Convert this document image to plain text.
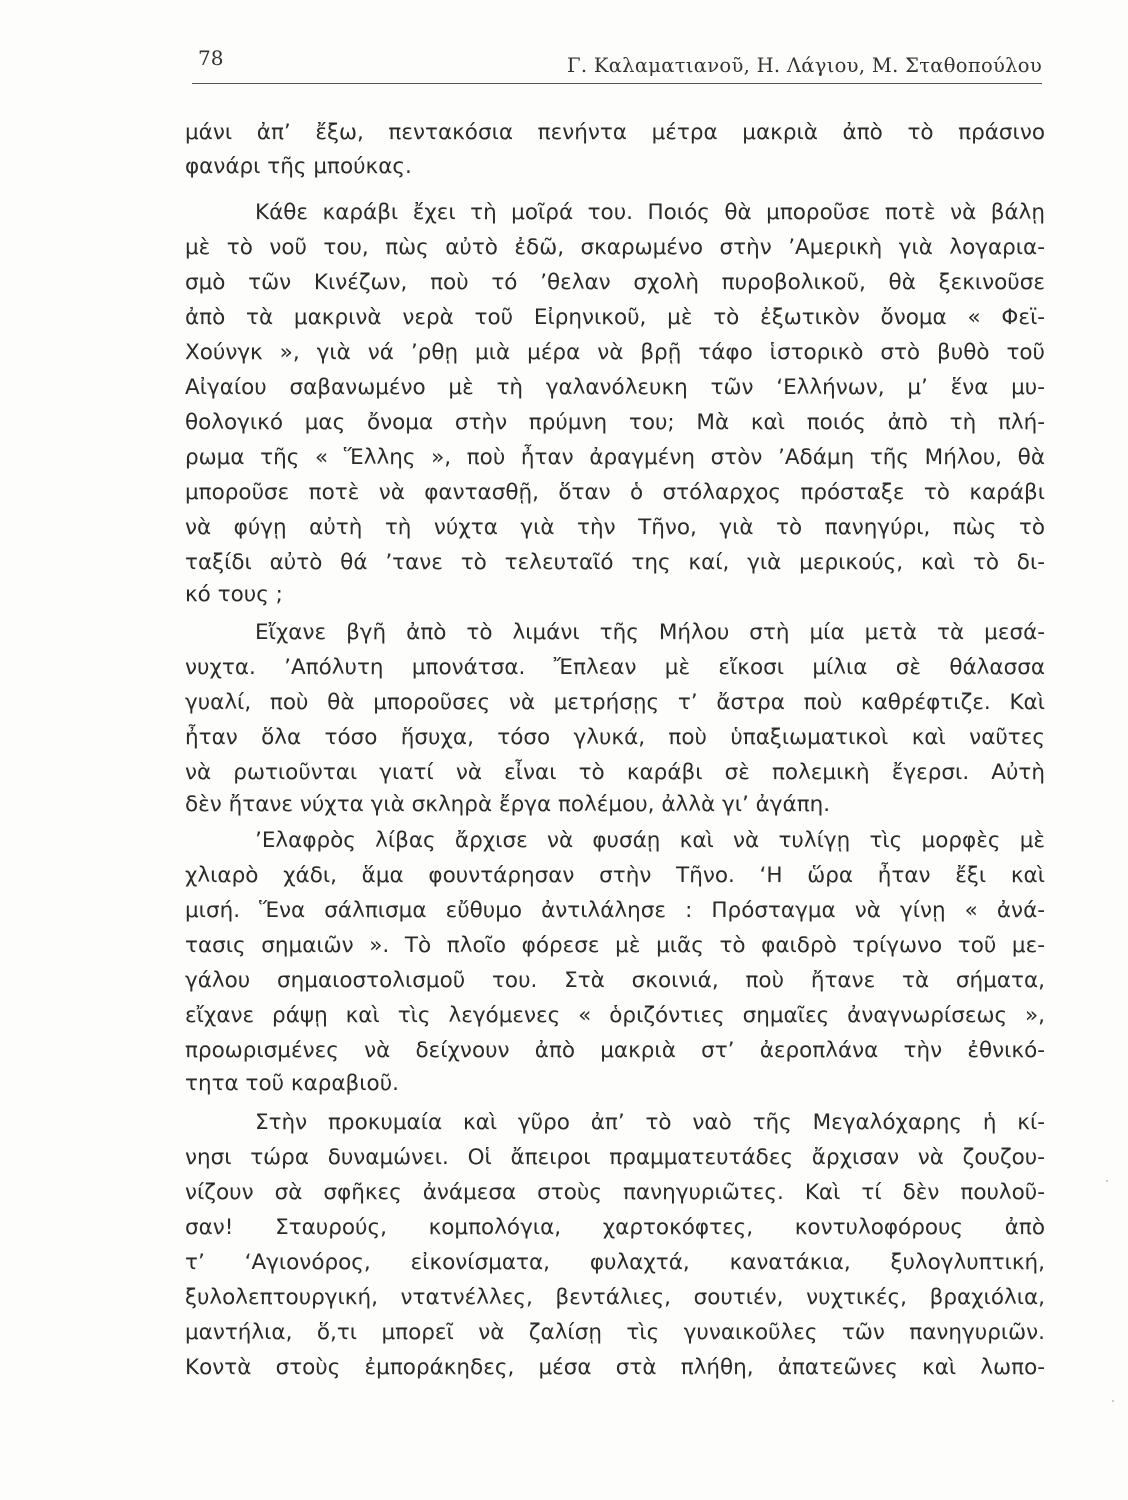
78	Γ. Καλαματιανοῦ, Η. Λάγιου, Μ. Σταθοπούλου
μάνι ἀπ’ ἔξω, πεντακόσια πενήντα μέτρα μακριὰ ἀπὸ τὸ πράσινο
φανάρι τῆς μπούκας.
Κάθε καράβι ἔχει τὴ μοῖρά του. Ποιός θὰ μποροῦσε ποτὲ νὰ βάλῃ
μὲ τὸ νοῦ του, πὼς αὐτὸ ἐδῶ, σκαρωμένο στὴν ’Αμερικὴ γιὰ λογαρια-
σμὸ τῶν Κινέζων, ποὺ τό ’θελαν σχολὴ πυροβολικοῦ, θὰ ξεκινοῦσε
ἀπὸ τὰ μακρινὰ νερὰ τοῦ Εἰρηνικοῦ, μὲ τὸ ἐξωτικὸν ὄνομα « Φεϊ-
Χούνγκ », γιὰ νά ’ρθῃ μιὰ μέρα νὰ βρῇ τάφο ἱστορικὸ στὸ βυθὸ τοῦ
Αἰγαίου σαβανωμένο μὲ τὴ γαλανόλευκη τῶν ‘Ελλήνων, μ’ ἕνα μυ-
θολογικό μας ὄνομα στὴν πρύμνη του; Μὰ καὶ ποιός ἀπὸ τὴ πλή-
ρωμα τῆς « Ἕλλης », ποὺ ἦταν ἀραγμένη στὸν ’Αδάμη τῆς Μήλου, θὰ
μποροῦσε ποτὲ νὰ φαντασθῇ, ὅταν ὁ στόλαρχος πρόσταξε τὸ καράβι
νὰ φύγῃ αὐτὴ τὴ νύχτα γιὰ τὴν Τῆνο, γιὰ τὸ πανηγύρι, πὼς τὸ
ταξίδι αὐτὸ θά ’τανε τὸ τελευταῖό της καί, γιὰ μερικούς, καὶ τὸ δι-
κό τους ;
Εἴχανε βγῆ ἀπὸ τὸ λιμάνι τῆς Μήλου στὴ μία μετὰ τὰ μεσά-
νυχτα. ’Απόλυτη μπονάτσα. Ἔπλεαν μὲ εἴκοσι μίλια σὲ θάλασσα
γυαλί, ποὺ θὰ μποροῦσες νὰ μετρήσῃς τ’ ἄστρα ποὺ καθρέφτιζε. Καὶ
ἦταν ὅλα τόσο ἥσυχα, τόσο γλυκά, ποὺ ὑπαξιωματικοὶ καὶ ναῦτες
νὰ ρωτιοῦνται γιατί νὰ εἶναι τὸ καράβι σὲ πολεμικὴ ἔγερσι. Αὐτὴ
δὲν ἤτανε νύχτα γιὰ σκληρὰ ἔργα πολέμου, ἀλλὰ γι’ ἀγάπη.
’Ελαφρὸς λίβας ἄρχισε νὰ φυσάῃ καὶ νὰ τυλίγῃ τὶς μορφὲς μὲ
χλιαρὸ χάδι, ἅμα φουντάρησαν στὴν Τῆνο. ‘Η ὥρα ἦταν ἔξι καὶ
μισή. Ἕνα σάλπισμα εὔθυμο ἀντιλάλησε : Πρόσταγμα νὰ γίνῃ « ἀνά-
τασις σημαιῶν ». Τὸ πλοῖο φόρεσε μὲ μιᾶς τὸ φαιδρὸ τρίγωνο τοῦ με-
γάλου σημαιοστολισμοῦ του. Στὰ σκοινιά, ποὺ ἤτανε τὰ σήματα,
εἴχανε ράψῃ καὶ τὶς λεγόμενες « ὁριζόντιες σημαῖες ἀναγνωρίσεως »,
προωρισμένες νὰ δείχνουν ἀπὸ μακριὰ στ’ ἀεροπλάνα τὴν ἐθνικό-
τητα τοῦ καραβιοῦ.
Στὴν προκυμαία καὶ γῦρο ἀπ’ τὸ ναὸ τῆς Μεγαλόχαρης ἡ κί-
νησι τώρα δυναμώνει. Οἱ ἄπειροι πραμματευτάδες ἄρχισαν νὰ ζουζου-
νίζουν σὰ σφῆκες ἀνάμεσα στοὺς πανηγυριῶτες. Καὶ τί δὲν πουλοῦ-
σαν! Σταυρούς, κομπολόγια, χαρτοκόφτες, κοντυλοφόρους ἀπὸ
τ’ ‘Αγιονόρος, εἰκονίσματα, φυλαχτά, κανατάκια, ξυλογλυπτική,
ξυλολεπτουργική, ντατνέλλες, βεντάλιες, σουτιέν, νυχτικές, βραχιόλια,
μαντήλια, ὅ,τι μπορεῖ νὰ ζαλίσῃ τὶς γυναικοῦλες τῶν πανηγυριῶν.
Κοντὰ στοὺς ἐμποράκηδες, μέσα στὰ πλήθη, ἀπατεῶνες καὶ λωπο-
